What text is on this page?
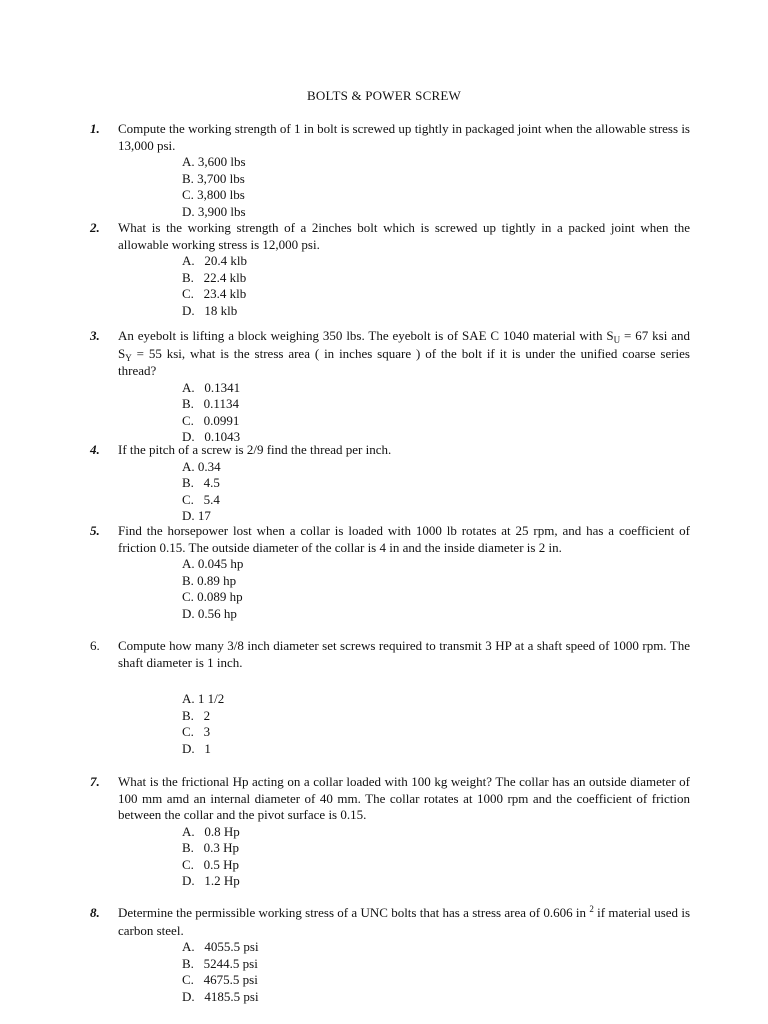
BOLTS & POWER SCREW
1.	Compute the working strength of 1 in bolt is screwed up tightly in packaged joint when the allowable stress is 13,000 psi.
A. 3,600 lbs
B. 3,700 lbs
C. 3,800 lbs
D. 3,900 lbs
2.	What is the working strength of a 2inches bolt which is screwed up tightly in a packed joint when the allowable working stress is 12,000 psi.
A.   20.4 klb
B.   22.4 klb
C.   23.4 klb
D.   18 klb
3.	An eyebolt is lifting a block weighing 350 lbs. The eyebolt is of SAE C 1040 material with $S_U = 67$ ksi and $S_Y = 55$ ksi, what is the stress area ( in inches square ) of the bolt if it is under the unified coarse series thread?
A.   0.1341
B.   0.1134
C.   0.0991
D.   0.1043
4.	If the pitch of a screw is 2/9 find the thread per inch.
A. 0.34
B.   4.5
C.   5.4
D. 17
5.	Find the horsepower lost when a collar is loaded with 1000 lb rotates at 25 rpm, and has a coefficient of friction 0.15. The outside diameter of the collar is 4 in and the inside diameter is 2 in.
A. 0.045 hp
B. 0.89 hp
C. 0.089 hp
D. 0.56 hp
6.	Compute how many 3/8 inch diameter set screws required to transmit 3 HP at a shaft speed of 1000 rpm. The shaft diameter is 1 inch.
A. 1 1/2
B.   2
C.   3
D.   1
7.	What is the frictional Hp acting on a collar loaded with 100 kg weight? The collar has an outside diameter of 100 mm amd an internal diameter of 40 mm. The collar rotates at 1000 rpm and the coefficient of friction between the collar and the pivot surface is 0.15.
A.   0.8 Hp
B.   0.3 Hp
C.   0.5 Hp
D.   1.2 Hp
8.	Determine the permissible working stress of a UNC bolts that has a stress area of 0.606 in $^2$ if material used is carbon steel.
A.   4055.5 psi
B.   5244.5 psi
C.   4675.5 psi
D.   4185.5 psi
